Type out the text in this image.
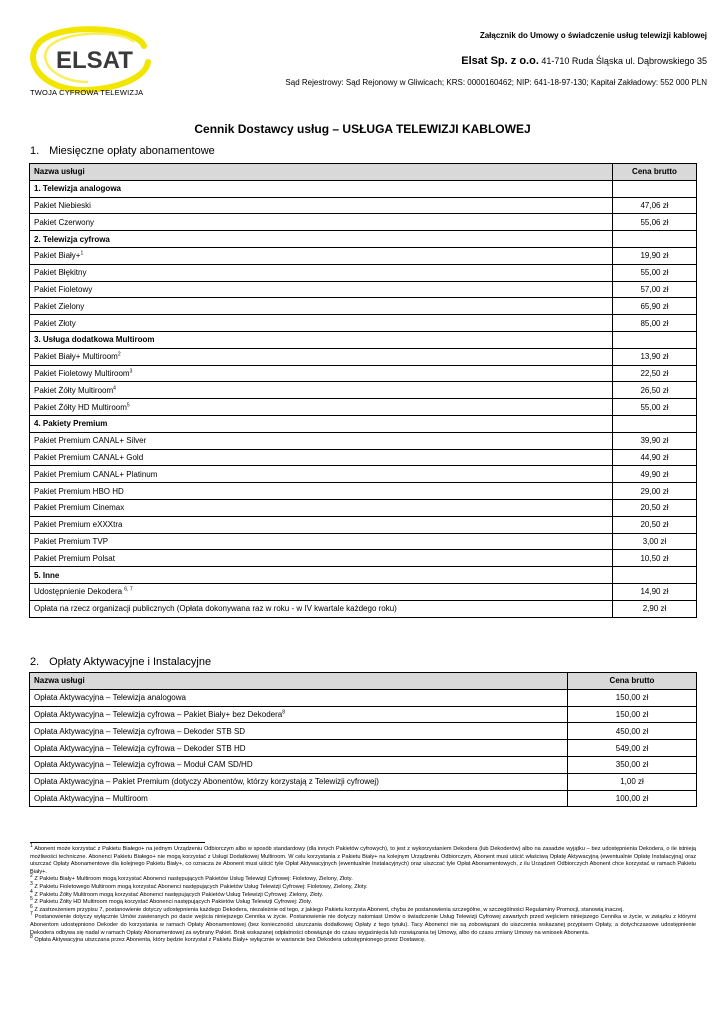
ELSAT
TWOJA CYFROWA TELEWIZJA
Załącznik do Umowy o świadczenie usług telewizji kablowej
Elsat Sp. z o.o. 41-710 Ruda Śląska ul. Dąbrowskiego 35
Sąd Rejestrowy: Sąd Rejonowy w Gliwicach; KRS: 0000160462; NIP: 641-18-97-130; Kapitał Zakładowy: 552 000 PLN
Cennik Dostawcy usług – USŁUGA TELEWIZJI KABLOWEJ
1. Miesięczne opłaty abonamentowe
Nazwa usługi	Cena brutto
1. Telewizja analogowa	
Pakiet Niebieski	47,06 zł
Pakiet Czerwony	55,06 zł
2. Telewizja cyfrowa	
Pakiet Biały+$^1$	19,90 zł
Pakiet Błękitny	55,00 zł
Pakiet Fioletowy	57,00 zł
Pakiet Zielony	65,90 zł
Pakiet Złoty	85,00 zł
3. Usługa dodatkowa Multiroom	
Pakiet Biały+ Multiroom$^2$	13,90 zł
Pakiet Fioletowy Multiroom$^3$	22,50 zł
Pakiet Żółty Multiroom$^4$	26,50 zł
Pakiet Żółty HD Multiroom$^5$	55,00 zł
4. Pakiety Premium	
Pakiet Premium CANAL+ Silver	39,90 zł
Pakiet Premium CANAL+ Gold	44,90 zł
Pakiet Premium CANAL+ Platinum	49,90 zł
Pakiet Premium HBO HD	29,00 zł
Pakiet Premium Cinemax	20,50 zł
Pakiet Premium eXXXtra	20,50 zł
Pakiet Premium TVP	3,00 zł
Pakiet Premium Polsat	10,50 zł
5. Inne	
Udostępnienie Dekodera $^{6, 7}$	14,90 zł
Opłata na rzecz organizacji publicznych (Opłata dokonywana raz w roku - w IV kwartale każdego roku)	2,90 zł
2. Opłaty Aktywacyjne i Instalacyjne
Nazwa usługi	Cena brutto
Opłata Aktywacyjna – Telewizja analogowa	150,00 zł
Opłata Aktywacyjna – Telewizja cyfrowa – Pakiet Biały+ bez Dekodera$^8$	150,00 zł
Opłata Aktywacyjna – Telewizja cyfrowa – Dekoder STB SD	450,00 zł
Opłata Aktywacyjna – Telewizja cyfrowa – Dekoder STB HD	549,00 zł
Opłata Aktywacyjna – Telewizja cyfrowa – Moduł CAM SD/HD	350,00 zł
Opłata Aktywacyjna – Pakiet Premium (dotyczy Abonentów, którzy korzystają z Telewizji cyfrowej)	1,00 zł
Opłata Aktywacyjna – Multiroom	100,00 zł

$^1$ Abonent może korzystać z Pakietu Białego+ na jednym Urządzeniu Odbiorczym albo w sposób standardowy (dla innych Pakietów cyfrowych), to jest z wykorzystaniem Dekodera (lub Dekoderów) albo na zasadzie wyjątku – bez udostępnienia Dekodera, o ile istnieją możliwości techniczne. Abonenci Pakietu Białego+ nie mogą korzystać z Usługi Dodatkowej Multiroom. W celu korzystania z Pakietu Biały+ na kolejnym Urządzeniu Odbiorczym, Abonent musi uiścić właściwą Opłatę Aktywacyjną (ewentualnie Opłatę Instalacyjną) oraz uiszczać Opłaty Abonamentowe dla kolejnego Pakietu Biały+, co oznacza że Abonent musi uiścić tyle Opłat Aktywacyjnych (ewentualnie Instalacyjnych) oraz uiszczać tyle Opłat Abonamentowych, z ilu Urządzeń Odbiorczych Abonent chce korzystać w ramach Pakietu Biały+.

$^2$ Z Pakietu Biały+ Multiroom mogą korzystać Abonenci następujących Pakietów Usług Telewizji Cyfrowej: Fioletowy, Zielony, Złoty.

$^3$ Z Pakietu Fioletowego Multiroom mogą korzystać Abonenci następujących Pakietów Usług Telewizji Cyfrowej: Fioletowy, Zielony, Złoty.

$^4$ Z Pakietu Żółty Multiroom mogą korzystać Abonenci następujących Pakietów Usług Telewizji Cyfrowej: Zielony, Złoty.

$^5$ Z Pakietu Żółty HD Multiroom mogą korzystać Abonenci następujących Pakietów Usług Telewizji Cyfrowej: Złoty.

$^6$ Z zastrzeżeniem przypisu 7, postanowienie dotyczy udostępnienia każdego Dekodera, niezależnie od tego, z jakiego Pakietu korzysta Abonent, chyba że postanowienia szczególne, w szczególności Regulaminy Promocji, stanowią inaczej.

$^7$ Postanowienie dotyczy wyłącznie Umów zawieranych po dacie wejścia niniejszego Cennika w życie. Postanowienie nie dotyczy natomiast Umów o świadczenie Usług Telewizji Cyfrowej zawartych przed wejściem niniejszego Cennika w życie, w związku z którymi Abonentom udostępniono Dekoder do korzystania w ramach Opłaty Abonamentowej (bez konieczności uiszczania dodatkowej Opłaty z tego tytułu). Tacy Abonenci nie są zobowiązani do uiszczenia wskazanej przypisem Opłaty, a dotychczasowe udostępnienie Dekodera odbywa się nadal w ramach Opłaty Abonamentowej za wybrany Pakiet. Brak wskazanej odpłatności obowiązuje do czasu wygaśnięcia lub rozwiązania tej Umowy, albo do czasu zmiany Umowy na wniosek Abonenta.

$^8$ Opłata Aktywacyjna uiszczana przez Abonenta, który będzie korzystał z Pakietu Biały+ wyłącznie w wariancie bez Dekodera udostępnionego przez Dostawcę.
